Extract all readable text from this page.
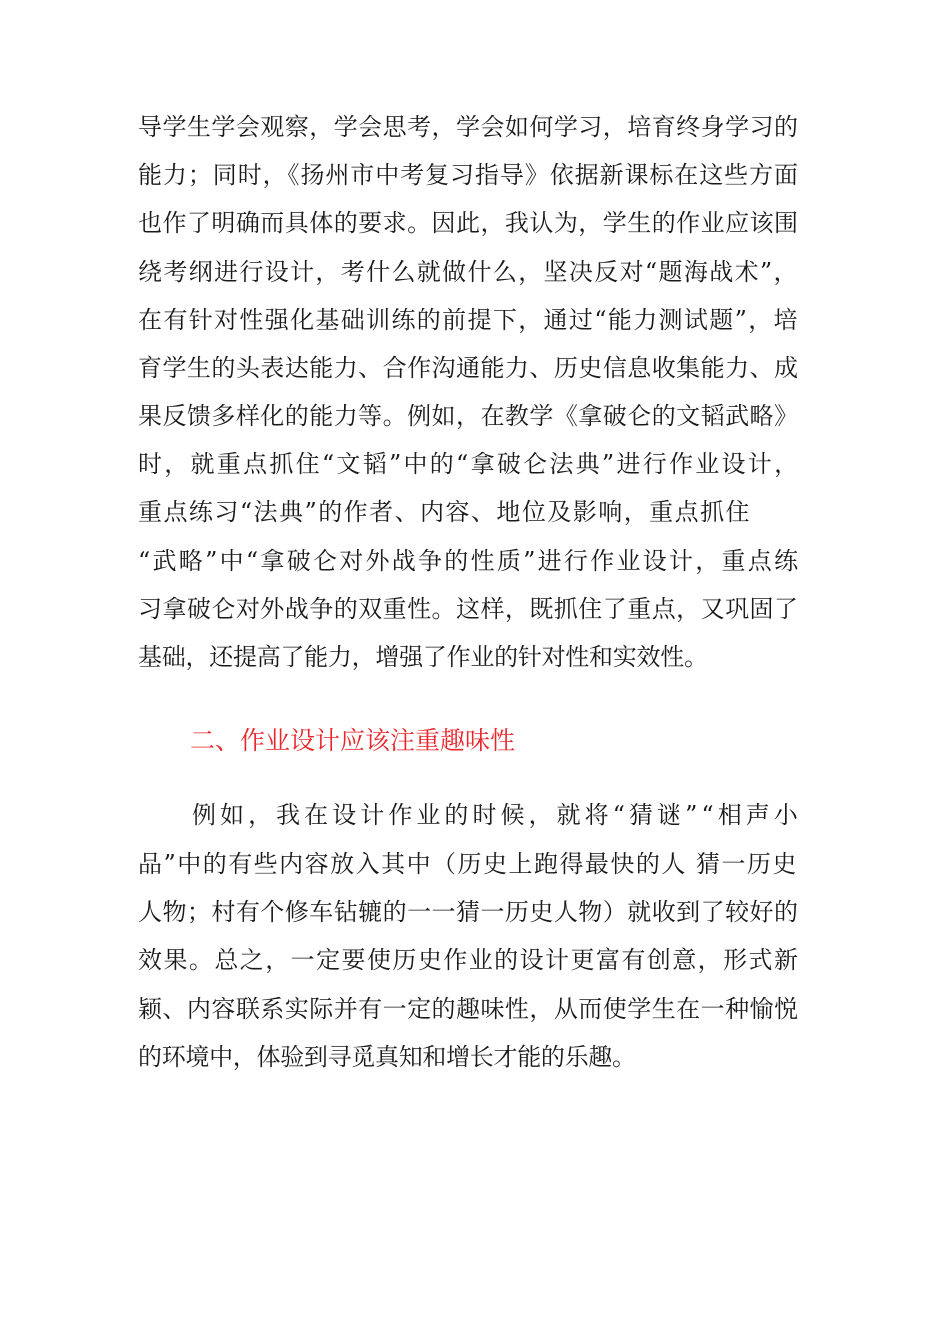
导学生学会观察，学会思考，学会如何学习，培育终身学习的
能力；同时，《扬州市中考复习指导》依据新课标在这些方面
也作了明确而具体的要求。因此，我认为，学生的作业应该围
绕考纲进行设计，考什么就做什么，坚决反对“题海战术”，
在有针对性强化基础训练的前提下，通过“能力测试题”，培
育学生的头表达能力、合作沟通能力、历史信息收集能力、成
果反馈多样化的能力等。例如，在教学《拿破仑的文韬武略》
时，就重点抓住“文韬”中的“拿破仑法典”进行作业设计，
重点练习“法典”的作者、内容、地位及影响，重点抓住
“武略”中“拿破仑对外战争的性质”进行作业设计，重点练
习拿破仑对外战争的双重性。这样，既抓住了重点，又巩固了
基础，还提高了能力，增强了作业的针对性和实效性。
二、作业设计应该注重趣味性
例如，我在设计作业的时候，就将“猜谜”“相声小
品”中的有些内容放入其中（历史上跑得最快的人 猜一历史
人物；村有个修车钻辘的一一猜一历史人物）就收到了较好的
效果。总之，一定要使历史作业的设计更富有创意，形式新
颖、内容联系实际并有一定的趣味性，从而使学生在一种愉悦
的环境中，体验到寻觅真知和增长才能的乐趣。
